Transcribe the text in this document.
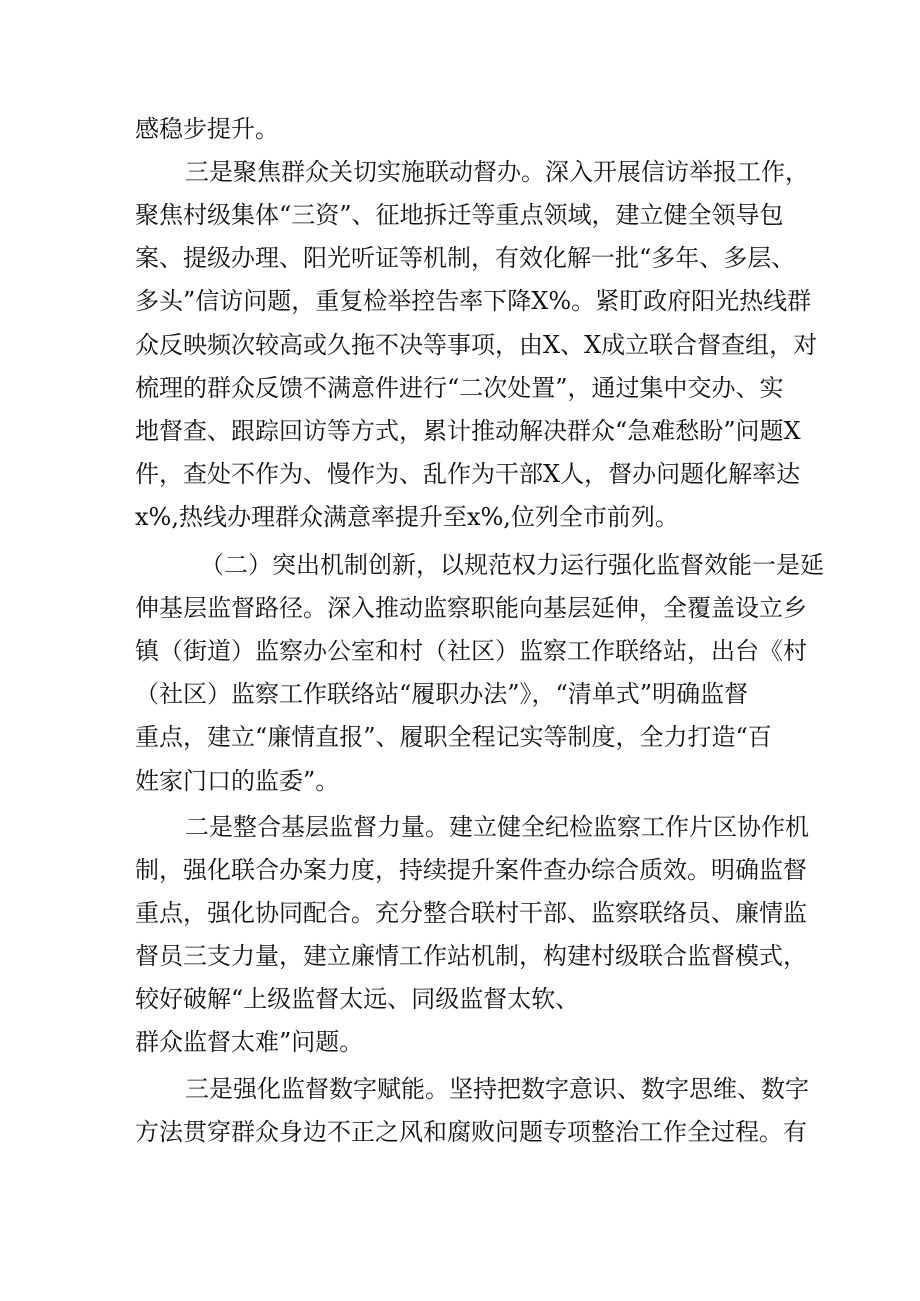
感稳步提升。
三是聚焦群众关切实施联动督办。深入开展信访举报工作，
聚焦村级集体“三资”、征地拆迁等重点领域，建立健全领导包
案、提级办理、阳光听证等机制，有效化解一批“多年、多层、
多头”信访问题，重复检举控告率下降X%。紧盯政府阳光热线群
众反映频次较高或久拖不决等事项，由X、X成立联合督查组，对
梳理的群众反馈不满意件进行“二次处置”，通过集中交办、实
地督查、跟踪回访等方式，累计推动解决群众“急难愁盼”问题X
件，查处不作为、慢作为、乱作为干部X人，督办问题化解率达
x%,热线办理群众满意率提升至x%,位列全市前列。
（二）突出机制创新，以规范权力运行强化监督效能一是延
伸基层监督路径。深入推动监察职能向基层延伸，全覆盖设立乡
镇（街道）监察办公室和村（社区）监察工作联络站，出台《村
（社区）监察工作联络站“履职办法”》，“清单式”明确监督
重点，建立“廉情直报”、履职全程记实等制度，全力打造“百
姓家门口的监委”。
二是整合基层监督力量。建立健全纪检监察工作片区协作机
制，强化联合办案力度，持续提升案件查办综合质效。明确监督
重点，强化协同配合。充分整合联村干部、监察联络员、廉情监
督员三支力量，建立廉情工作站机制，构建村级联合监督模式，
较好破解“上级监督太远、同级监督太软、
群众监督太难”问题。
三是强化监督数字赋能。坚持把数字意识、数字思维、数字
方法贯穿群众身边不正之风和腐败问题专项整治工作全过程。有
